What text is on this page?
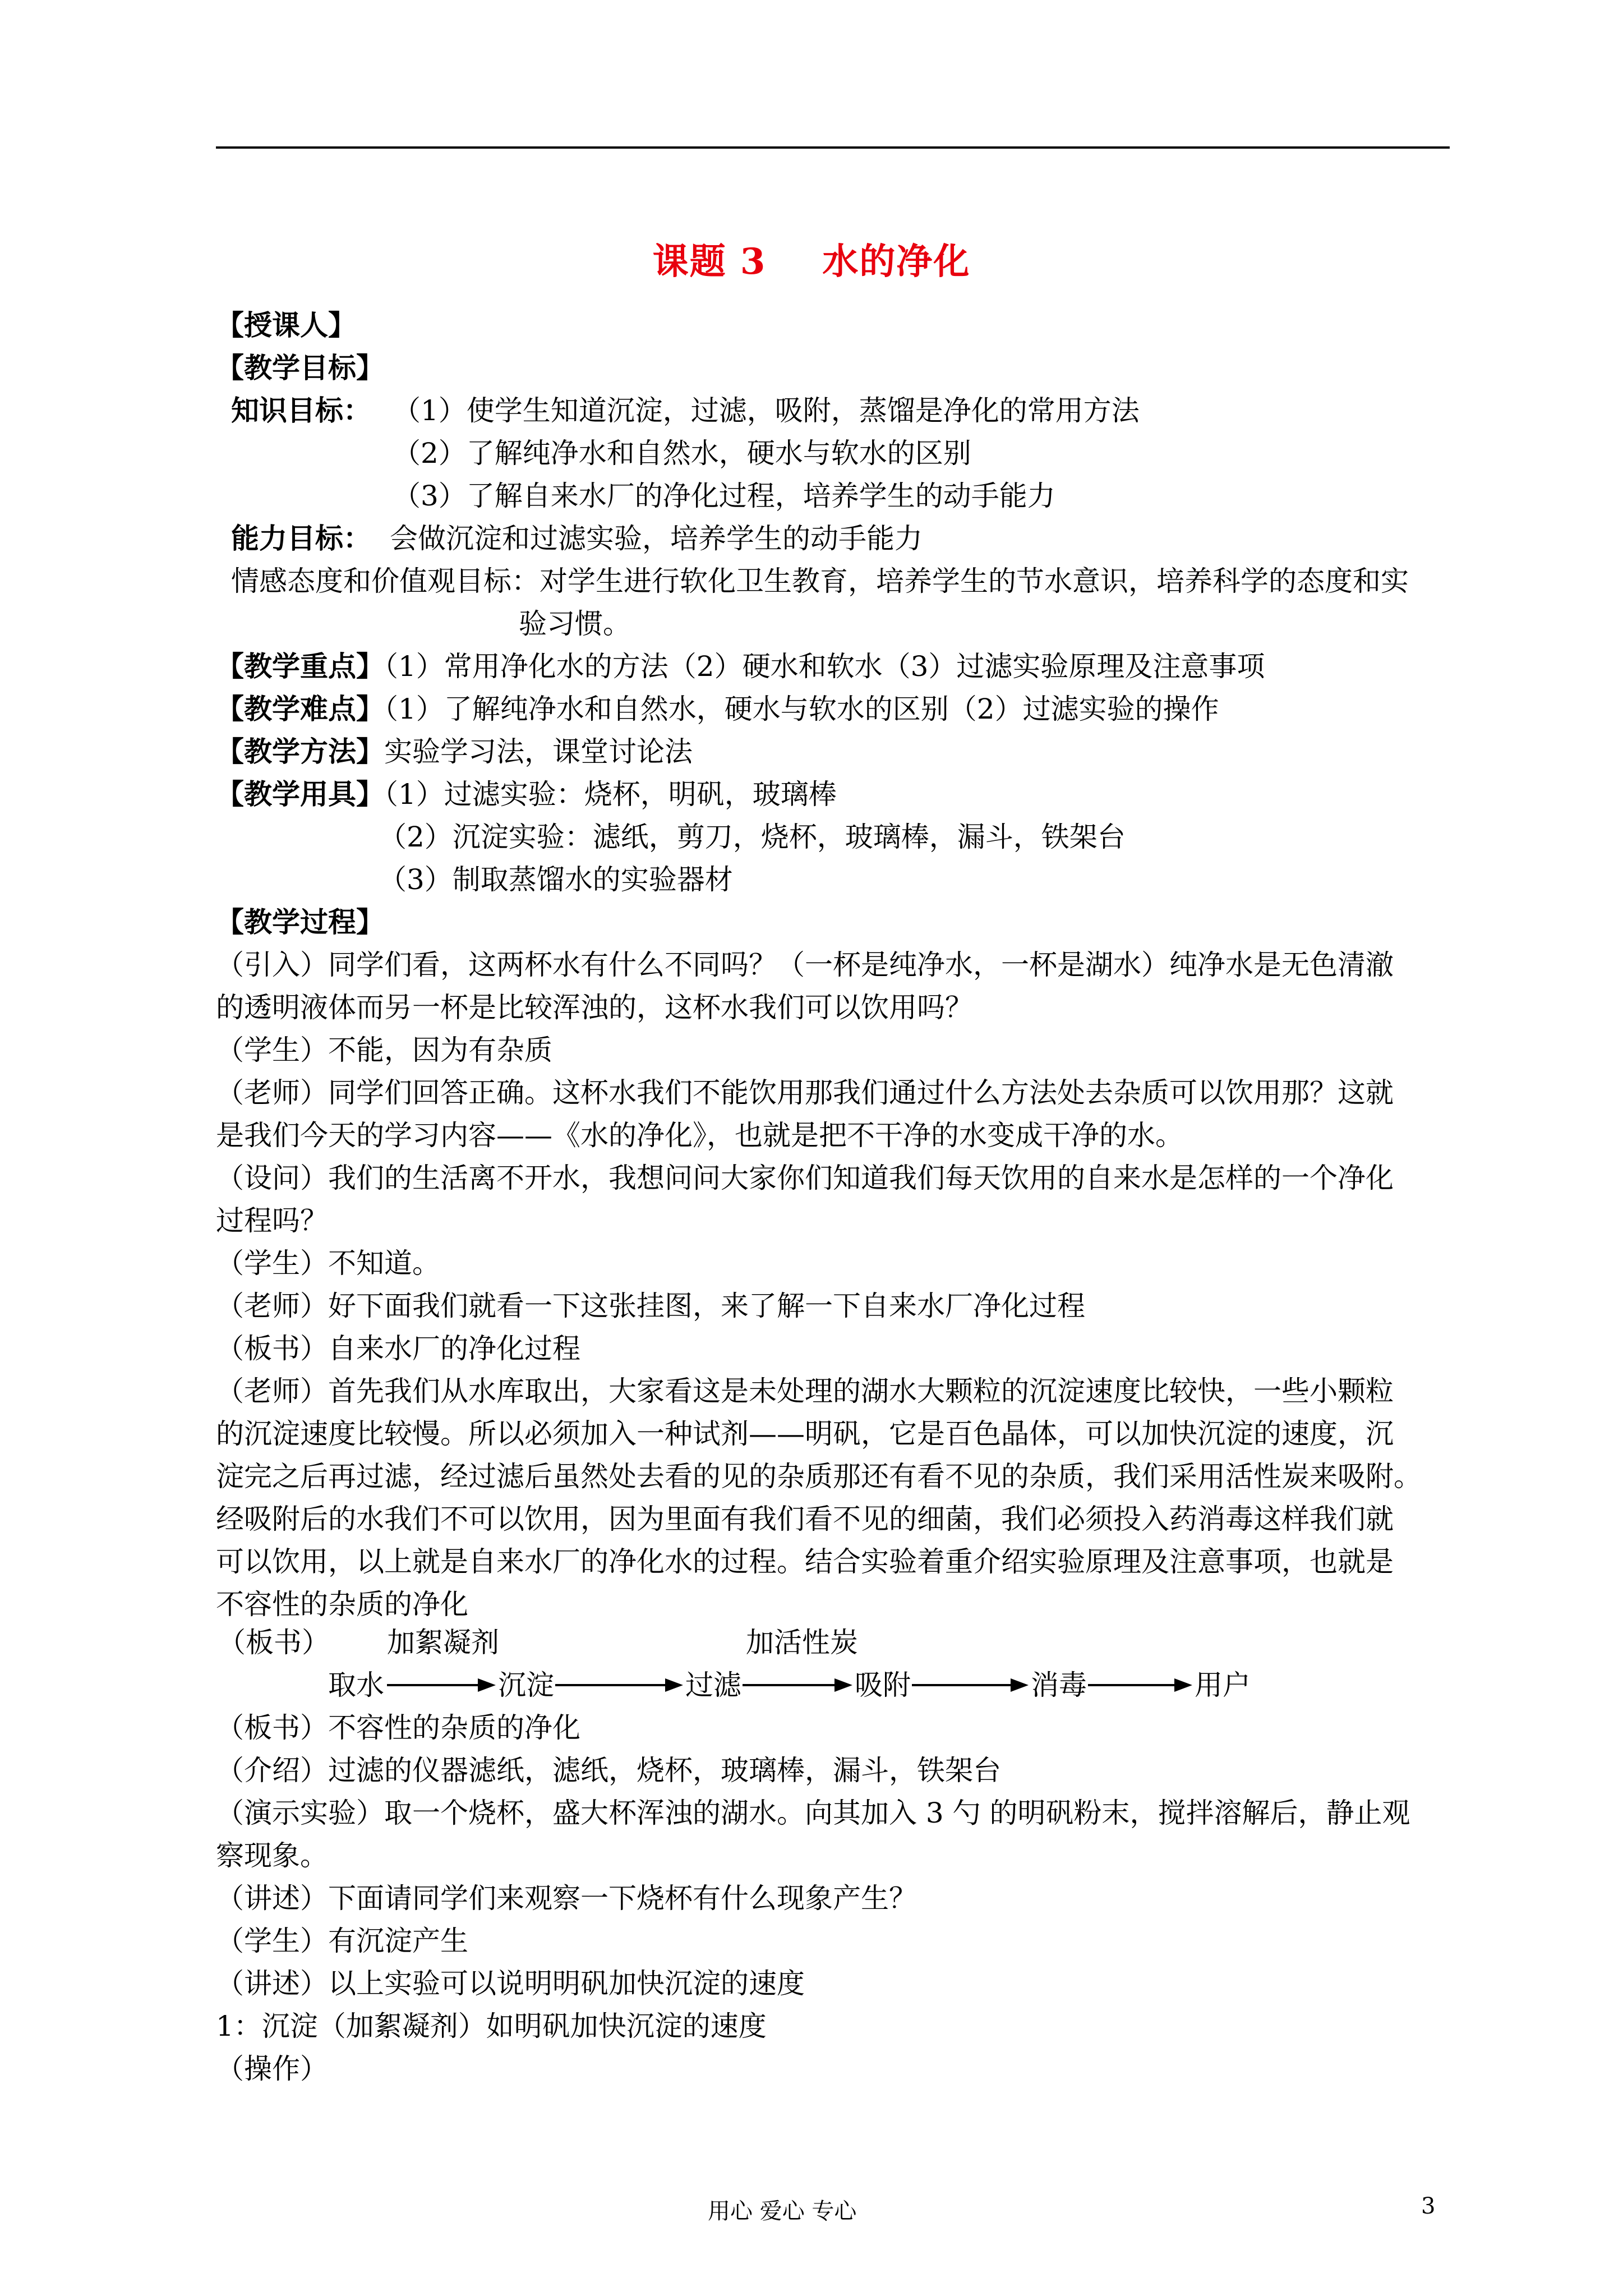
课题 3 水的净化
【授课人】
【教学目标】
知识目标： （1）使学生知道沉淀，过滤，吸附，蒸馏是净化的常用方法
（2）了解纯净水和自然水，硬水与软水的区别
（3）了解自来水厂的净化过程，培养学生的动手能力
能力目标： 会做沉淀和过滤实验，培养学生的动手能力
情感态度和价值观目标：对学生进行软化卫生教育，培养学生的节水意识，培养科学的态度和实
验习惯。
【教学重点】（1）常用净化水的方法（2）硬水和软水（3）过滤实验原理及注意事项
【教学难点】（1）了解纯净水和自然水，硬水与软水的区别（2）过滤实验的操作
【教学方法】实验学习法，课堂讨论法
【教学用具】（1）过滤实验：烧杯，明矾，玻璃棒
（2）沉淀实验：滤纸，剪刀，烧杯，玻璃棒，漏斗，铁架台
（3）制取蒸馏水的实验器材
【教学过程】
（引入）同学们看，这两杯水有什么不同吗？（一杯是纯净水，一杯是湖水）纯净水是无色清澈
的透明液体而另一杯是比较浑浊的，这杯水我们可以饮用吗？
（学生）不能，因为有杂质
（老师）同学们回答正确。这杯水我们不能饮用那我们通过什么方法处去杂质可以饮用那？这就
是我们今天的学习内容——《水的净化》，也就是把不干净的水变成干净的水。
（设问）我们的生活离不开水，我想问问大家你们知道我们每天饮用的自来水是怎样的一个净化
过程吗？
（学生）不知道。
（老师）好下面我们就看一下这张挂图，来了解一下自来水厂净化过程
（板书）自来水厂的净化过程
（老师）首先我们从水库取出，大家看这是未处理的湖水大颗粒的沉淀速度比较快，一些小颗粒
的沉淀速度比较慢。所以必须加入一种试剂——明矾，它是百色晶体，可以加快沉淀的速度，沉
淀完之后再过滤，经过滤后虽然处去看的见的杂质那还有看不见的杂质，我们采用活性炭来吸附。
经吸附后的水我们不可以饮用，因为里面有我们看不见的细菌，我们必须投入药消毒这样我们就
可以饮用，以上就是自来水厂的净化水的过程。结合实验着重介绍实验原理及注意事项，也就是
不容性的杂质的净化
（板书）不容性的杂质的净化
（介绍）过滤的仪器滤纸，滤纸，烧杯，玻璃棒，漏斗，铁架台
（演示实验）取一个烧杯，盛大杯浑浊的湖水。向其加入 3 勺 的明矾粉末，搅拌溶解后，静止观
察现象。
（讲述）下面请同学们来观察一下烧杯有什么现象产生？
（学生）有沉淀产生
（讲述）以上实验可以说明明矾加快沉淀的速度
1：沉淀（加絮凝剂）如明矾加快沉淀的速度
（操作）
（板书） 加絮凝剂	加活性炭
取水	沉淀	过滤	吸附	消毒	用户
用心 爱心 专心	3
